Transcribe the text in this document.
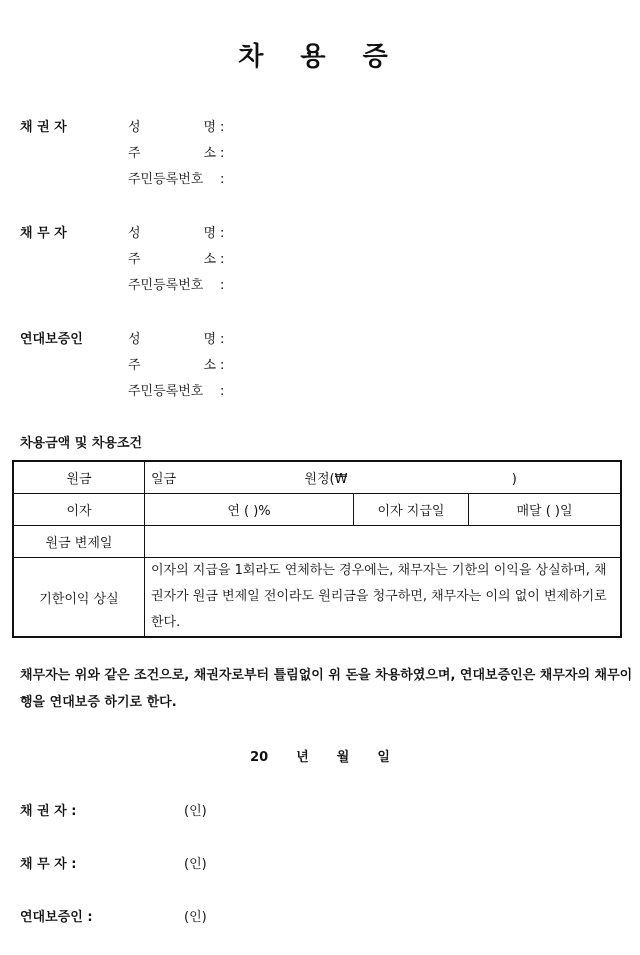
차 용 증
채 권 자	성 명 :
주 소 :
주민등록번호 :
채 무 자	성 명 :
주 소 :
주민등록번호 :
연대보증인	성 명 :
주 소 :
주민등록번호 :
차용금액 및 차용조건
원금	일금 원정(₩ )		
이자	연 ( )%	이자 지급일	매달 ( )일
원금 변제일			
기한이익 상실	이자의 지급을 1회라도 연체하는 경우에는, 채무자는 기한의 이익을 상실하며, 채권자가 원금 변제일 전이라도 원리금을 청구하면, 채무자는 이의 없이 변제하기로 한다.		
채무자는 위와 같은 조건으로, 채권자로부터 틀림없이 위 돈을 차용하였으며, 연대보증인은 채무자의 채무이행을 연대보증 하기로 한다.
20 년 월 일
채 권 자 :	(인)
채 무 자 :	(인)
연대보증인 :	(인)
